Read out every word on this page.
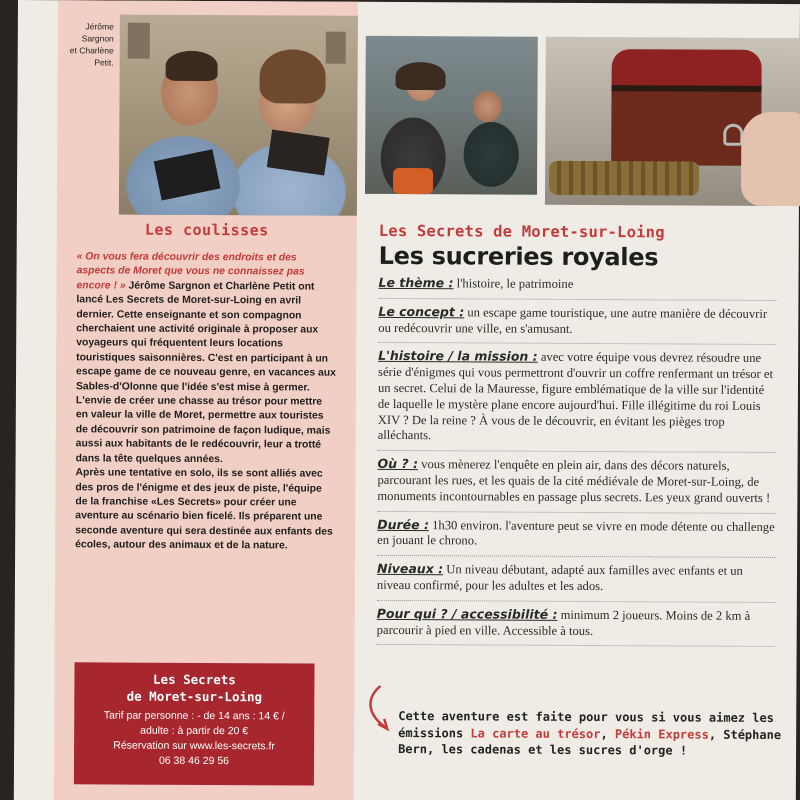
Jérôme
Sargnon
et Charlène
Petit.
Les coulisses
« On vous fera découvrir des endroits et des aspects de Moret que vous ne connaissez pas encore ! » Jérôme Sargnon et Charlène Petit ont lancé Les Secrets de Moret-sur-Loing en avril dernier. Cette enseignante et son compagnon cherchaient une activité originale à proposer aux voyageurs qui fréquentent leurs locations touristiques saisonnières. C'est en participant à un escape game de ce nouveau genre, en vacances aux Sables-d'Olonne que l'idée s'est mise à germer.
L'envie de créer une chasse au trésor pour mettre en valeur la ville de Moret, permettre aux touristes de découvrir son patrimoine de façon ludique, mais aussi aux habitants de le redécouvrir, leur a trotté dans la tête quelques années.
Après une tentative en solo, ils se sont alliés avec des pros de l'énigme et des jeux de piste, l'équipe de la franchise «Les Secrets» pour créer une aventure au scénario bien ficelé. Ils préparent une seconde aventure qui sera destinée aux enfants des écoles, autour des animaux et de la nature.
Les Secrets
de Moret-sur-Loing
Tarif par personne : - de 14 ans : 14 € /
adulte : à partir de 20 €
Réservation sur www.les-secrets.fr
06 38 46 29 56
Les Secrets de Moret-sur-Loing
Les sucreries royales
Le thème : l'histoire, le patrimoine
Le concept : un escape game touristique, une autre manière de découvrir ou redécouvrir une ville, en s'amusant.
L'histoire / la mission : avec votre équipe vous devrez résoudre une série d'énigmes qui vous permettront d'ouvrir un coffre renfermant un trésor et un secret. Celui de la Mauresse, figure emblématique de la ville sur l'identité de laquelle le mystère plane encore aujourd'hui. Fille illégitime du roi Louis XIV ? De la reine ? À vous de le découvrir, en évitant les pièges trop alléchants.
Où ? : vous mènerez l'enquête en plein air, dans des décors naturels, parcourant les rues, et les quais de la cité médiévale de Moret-sur-Loing, de monuments incontournables en passage plus secrets. Les yeux grand ouverts !
Durée : 1h30 environ. l'aventure peut se vivre en mode détente ou challenge en jouant le chrono.
Niveaux : Un niveau débutant, adapté aux familles avec enfants et un niveau confirmé, pour les adultes et les ados.
Pour qui ? / accessibilité : minimum 2 joueurs. Moins de 2 km à parcourir à pied en ville. Accessible à tous.
Cette aventure est faite pour vous si vous aimez les émissions La carte au trésor, Pékin Express, Stéphane Bern, les cadenas et les sucres d'orge !
